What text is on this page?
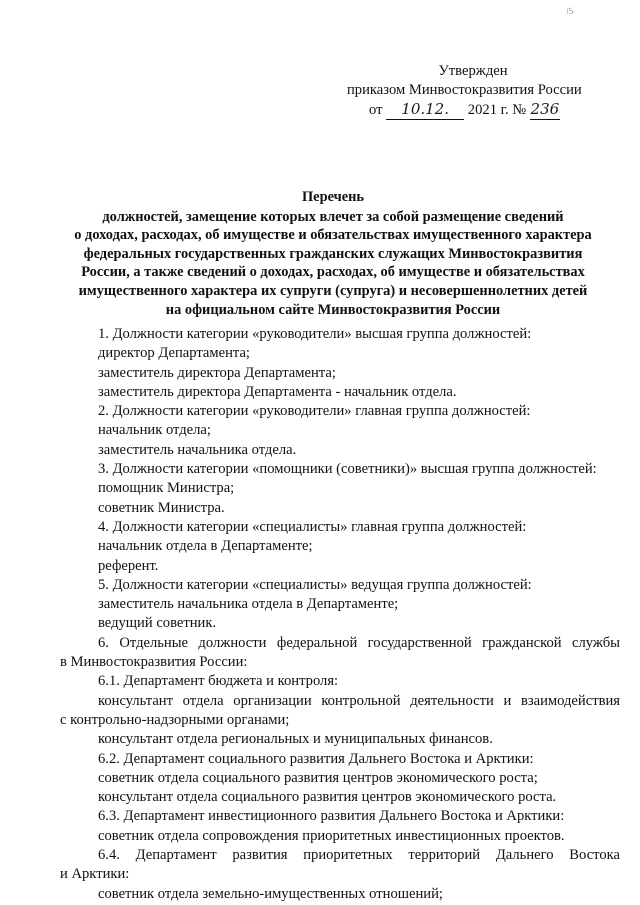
/5
Утвержден
приказом Минвостокразвития России
от 10.12. 2021 г. № 236
Перечень
должностей, замещение которых влечет за собой размещение сведений
о доходах, расходах, об имуществе и обязательствах имущественного характера
федеральных государственных гражданских служащих Минвостокразвития
России, а также сведений о доходах, расходах, об имуществе и обязательствах
имущественного характера их супруги (супруга) и несовершеннолетних детей
на официальном сайте Минвостокразвития России
1. Должности категории «руководители» высшая группа должностей:
директор Департамента;
заместитель директора Департамента;
заместитель директора Департамента - начальник отдела.
2. Должности категории «руководители» главная группа должностей:
начальник отдела;
заместитель начальника отдела.
3. Должности категории «помощники (советники)» высшая группа должностей:
помощник Министра;
советник Министра.
4. Должности категории «специалисты» главная группа должностей:
начальник отдела в Департаменте;
референт.
5. Должности категории «специалисты» ведущая группа должностей:
заместитель начальника отдела в Департаменте;
ведущий советник.
6. Отдельные должности федеральной государственной гражданской службы
в Минвостокразвития России:
6.1. Департамент бюджета и контроля:
консультант отдела организации контрольной деятельности и взаимодействия
с контрольно-надзорными органами;
консультант отдела региональных и муниципальных финансов.
6.2. Департамент социального развития Дальнего Востока и Арктики:
советник отдела социального развития центров экономического роста;
консультант отдела социального развития центров экономического роста.
6.3. Департамент инвестиционного развития Дальнего Востока и Арктики:
советник отдела сопровождения приоритетных инвестиционных проектов.
6.4. Департамент развития приоритетных территорий Дальнего Востока
и Арктики:
советник отдела земельно-имущественных отношений;
